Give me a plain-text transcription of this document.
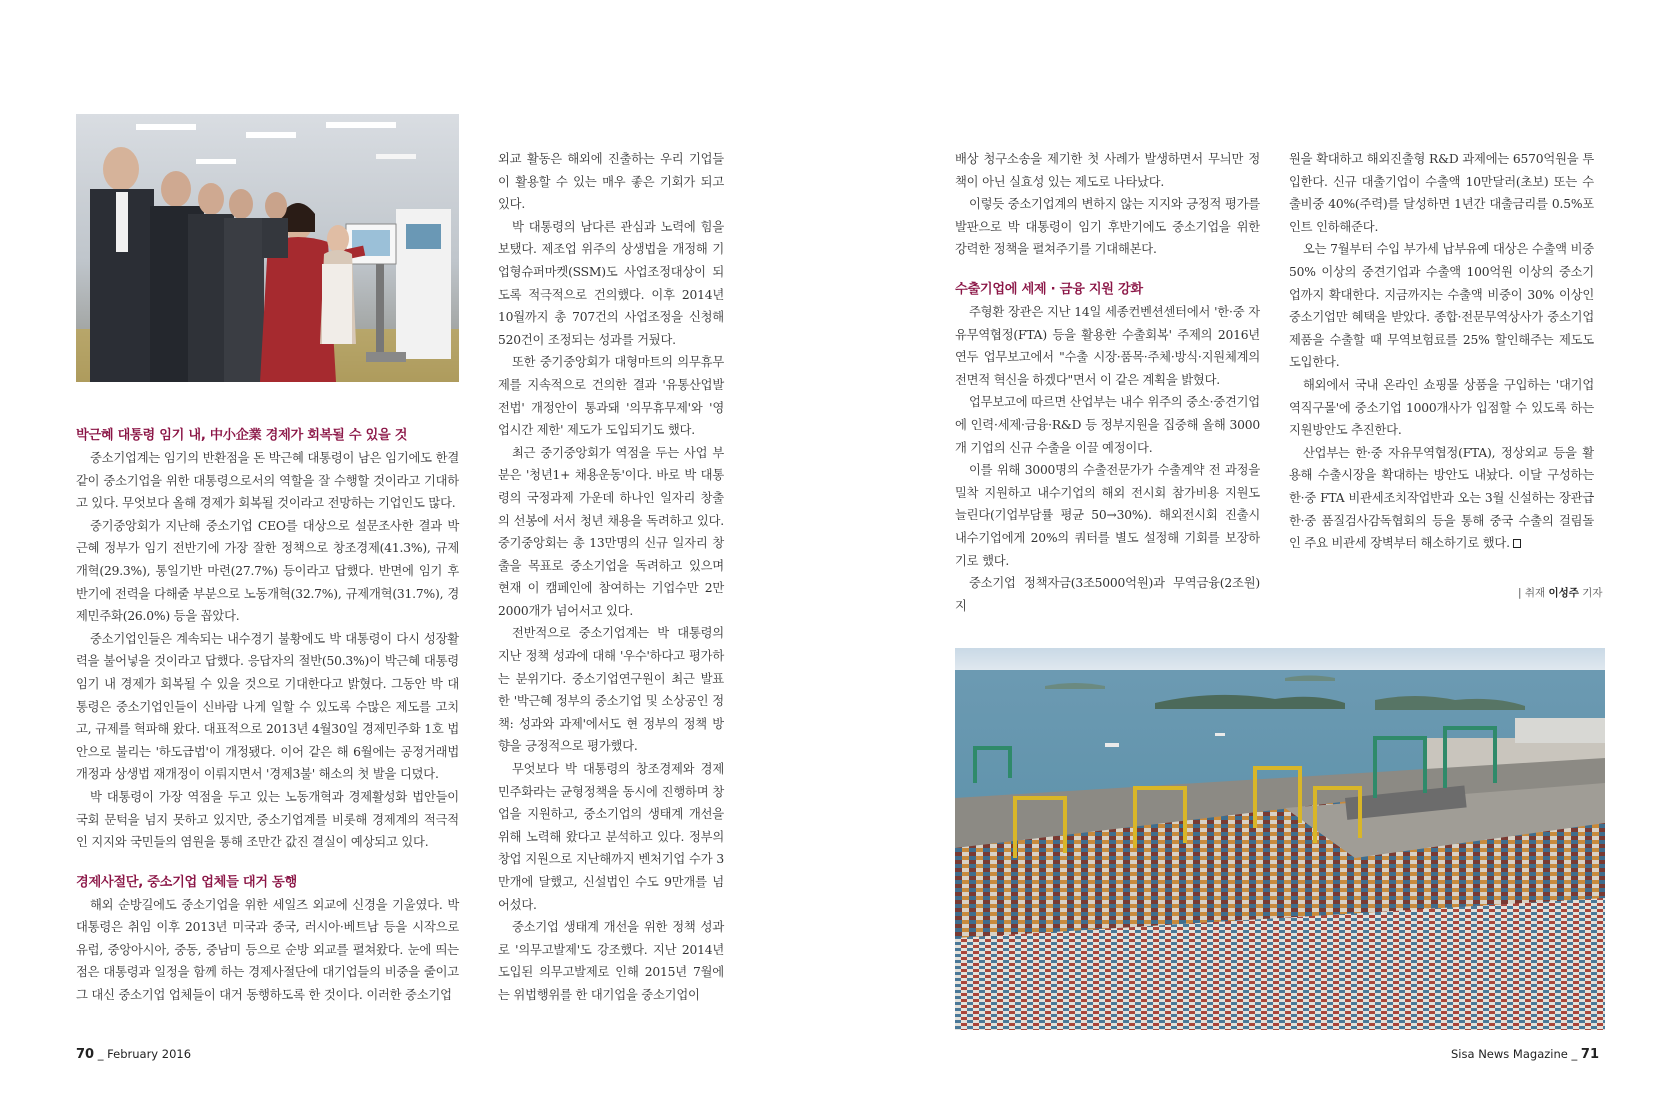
박근혜 대통령 임기 내, 中小企業 경제가 회복될 수 있을 것

중소기업계는 임기의 반환점을 돈 박근혜 대통령이 남은 임기에도 한결같이 중소기업을 위한 대통령으로서의 역할을 잘 수행할 것이라고 기대하고 있다. 무엇보다 올해 경제가 회복될 것이라고 전망하는 기업인도 많다.

중기중앙회가 지난해 중소기업 CEO를 대상으로 설문조사한 결과 박근혜 정부가 임기 전반기에 가장 잘한 정책으로 창조경제(41.3%), 규제개혁(29.3%), 통일기반 마련(27.7%) 등이라고 답했다. 반면에 임기 후반기에 전력을 다해줄 부분으로 노동개혁(32.7%), 규제개혁(31.7%), 경제민주화(26.0%) 등을 꼽았다.

중소기업인들은 계속되는 내수경기 불황에도 박 대통령이 다시 성장활력을 불어넣을 것이라고 답했다. 응답자의 절반(50.3%)이 박근혜 대통령 임기 내 경제가 회복될 수 있을 것으로 기대한다고 밝혔다. 그동안 박 대통령은 중소기업인들이 신바람 나게 일할 수 있도록 수많은 제도를 고치고, 규제를 혁파해 왔다. 대표적으로 2013년 4월30일 경제민주화 1호 법안으로 불리는 '하도급법'이 개정됐다. 이어 같은 해 6월에는 공정거래법 개정과 상생법 재개정이 이뤄지면서 '경제3불' 해소의 첫 발을 디뎠다.

박 대통령이 가장 역점을 두고 있는 노동개혁과 경제활성화 법안들이 국회 문턱을 넘지 못하고 있지만, 중소기업계를 비롯해 경제계의 적극적인 지지와 국민들의 염원을 통해 조만간 값진 결실이 예상되고 있다.

경제사절단, 중소기업 업체들 대거 동행

해외 순방길에도 중소기업을 위한 세일즈 외교에 신경을 기울였다. 박 대통령은 취임 이후 2013년 미국과 중국, 러시아·베트남 등을 시작으로 유럽, 중앙아시아, 중동, 중남미 등으로 순방 외교를 펼쳐왔다. 눈에 띄는 점은 대통령과 일정을 함께 하는 경제사절단에 대기업들의 비중을 줄이고 그 대신 중소기업 업체들이 대거 동행하도록 한 것이다. 이러한 중소기업

외교 활동은 해외에 진출하는 우리 기업들이 활용할 수 있는 매우 좋은 기회가 되고 있다.

박 대통령의 남다른 관심과 노력에 힘을 보탰다. 제조업 위주의 상생법을 개정해 기업형슈퍼마켓(SSM)도 사업조정대상이 되도록 적극적으로 건의했다. 이후 2014년 10월까지 총 707건의 사업조정을 신청해 520건이 조정되는 성과를 거뒀다.

또한 중기중앙회가 대형마트의 의무휴무제를 지속적으로 건의한 결과 '유통산업발전법' 개정안이 통과돼 '의무휴무제'와 '영업시간 제한' 제도가 도입되기도 했다.

최근 중기중앙회가 역점을 두는 사업 부분은 '청년1+ 채용운동'이다. 바로 박 대통령의 국정과제 가운데 하나인 일자리 창출의 선봉에 서서 청년 채용을 독려하고 있다. 중기중앙회는 총 13만명의 신규 일자리 창출을 목표로 중소기업을 독려하고 있으며 현재 이 캠페인에 참여하는 기업수만 2만 2000개가 넘어서고 있다.

전반적으로 중소기업계는 박 대통령의 지난 정책 성과에 대해 '우수'하다고 평가하는 분위기다. 중소기업연구원이 최근 발표한 '박근혜 정부의 중소기업 및 소상공인 정책: 성과와 과제'에서도 현 정부의 정책 방향을 긍정적으로 평가했다.

무엇보다 박 대통령의 창조경제와 경제민주화라는 균형정책을 동시에 진행하며 창업을 지원하고, 중소기업의 생태계 개선을 위해 노력해 왔다고 분석하고 있다. 정부의 창업 지원으로 지난해까지 벤처기업 수가 3만개에 달했고, 신설법인 수도 9만개를 넘어섰다.

중소기업 생태계 개선을 위한 정책 성과로 '의무고발제'도 강조했다. 지난 2014년 도입된 의무고발제로 인해 2015년 7월에는 위법행위를 한 대기업을 중소기업이

배상 청구소송을 제기한 첫 사례가 발생하면서 무늬만 정책이 아닌 실효성 있는 제도로 나타났다.

이렇듯 중소기업계의 변하지 않는 지지와 긍정적 평가를 발판으로 박 대통령이 임기 후반기에도 중소기업을 위한 강력한 정책을 펼쳐주기를 기대해본다.

수출기업에 세제 · 금융 지원 강화

주형환 장관은 지난 14일 세종컨벤션센터에서 '한·중 자유무역협정(FTA) 등을 활용한 수출회복' 주제의 2016년 연두 업무보고에서 "수출 시장·품목·주체·방식·지원체계의 전면적 혁신을 하겠다"면서 이 같은 계획을 밝혔다.

업무보고에 따르면 산업부는 내수 위주의 중소·중견기업에 인력·세제·금융·R&D 등 정부지원을 집중해 올해 3000개 기업의 신규 수출을 이끌 예정이다.

이를 위해 3000명의 수출전문가가 수출계약 전 과정을 밀착 지원하고 내수기업의 해외 전시회 참가비용 지원도 늘린다(기업부담률 평균 50→30%). 해외전시회 진출시 내수기업에게 20%의 쿼터를 별도 설정해 기회를 보장하기로 했다.

중소기업 정책자금(3조5000억원)과 무역금융(2조원) 지

원을 확대하고 해외진출형 R&D 과제에는 6570억원을 투입한다. 신규 대출기업이 수출액 10만달러(초보) 또는 수출비중 40%(주력)를 달성하면 1년간 대출금리를 0.5%포인트 인하해준다.

오는 7월부터 수입 부가세 납부유예 대상은 수출액 비중 50% 이상의 중견기업과 수출액 100억원 이상의 중소기업까지 확대한다. 지금까지는 수출액 비중이 30% 이상인 중소기업만 혜택을 받았다. 종합·전문무역상사가 중소기업 제품을 수출할 때 무역보험료를 25% 할인해주는 제도도 도입한다.

해외에서 국내 온라인 쇼핑몰 상품을 구입하는 '대기업 역직구몰'에 중소기업 1000개사가 입점할 수 있도록 하는 지원방안도 추진한다.

산업부는 한·중 자유무역협정(FTA), 정상외교 등을 활용해 수출시장을 확대하는 방안도 내놨다. 이달 구성하는 한·중 FTA 비관세조치작업반과 오는 3월 신설하는 장관급 한·중 품질검사감독협회의 등을 통해 중국 수출의 걸림돌인 주요 비관세 장벽부터 해소하기로 했다.

| 취재 이성주 기자
70 _ February 2016	Sisa News Magazine _ 71
